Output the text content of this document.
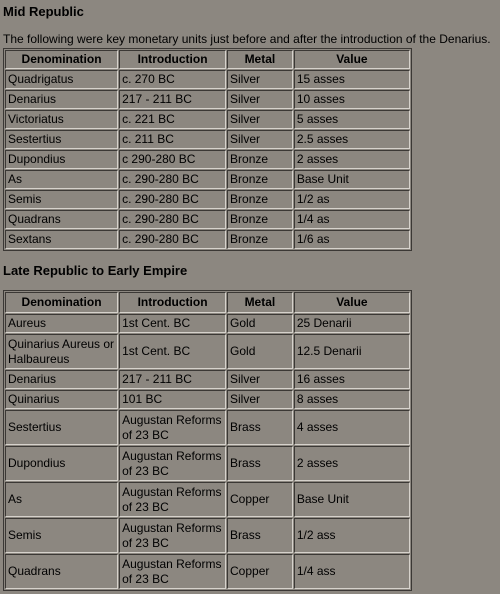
Mid Republic

The following were key monetary units just before and after the introduction of the Denarius.

Denomination	Introduction	Metal	Value
Quadrigatus	c. 270 BC	Silver	15 asses
Denarius	217 - 211 BC	Silver	10 asses
Victoriatus	c. 221 BC	Silver	5 asses
Sestertius	c. 211 BC	Silver	2.5 asses
Dupondius	c 290-280 BC	Bronze	2 asses
As	c. 290-280 BC	Bronze	Base Unit
Semis	c. 290-280 BC	Bronze	1/2 as
Quadrans	c. 290-280 BC	Bronze	1/4 as
Sextans	c. 290-280 BC	Bronze	1/6 as
Late Republic to Early Empire
Denomination	Introduction	Metal	Value
Aureus	1st Cent. BC	Gold	25 Denarii
Quinarius Aureus or Halbaureus	1st Cent. BC	Gold	12.5 Denarii
Denarius	217 - 211 BC	Silver	16 asses
Quinarius	101 BC	Silver	8 asses
Sestertius	Augustan Reforms of 23 BC	Brass	4 asses
Dupondius	Augustan Reforms of 23 BC	Brass	2 asses
As	Augustan Reforms of 23 BC	Copper	Base Unit
Semis	Augustan Reforms of 23 BC	Brass	1/2 ass
Quadrans	Augustan Reforms of 23 BC	Copper	1/4 ass
